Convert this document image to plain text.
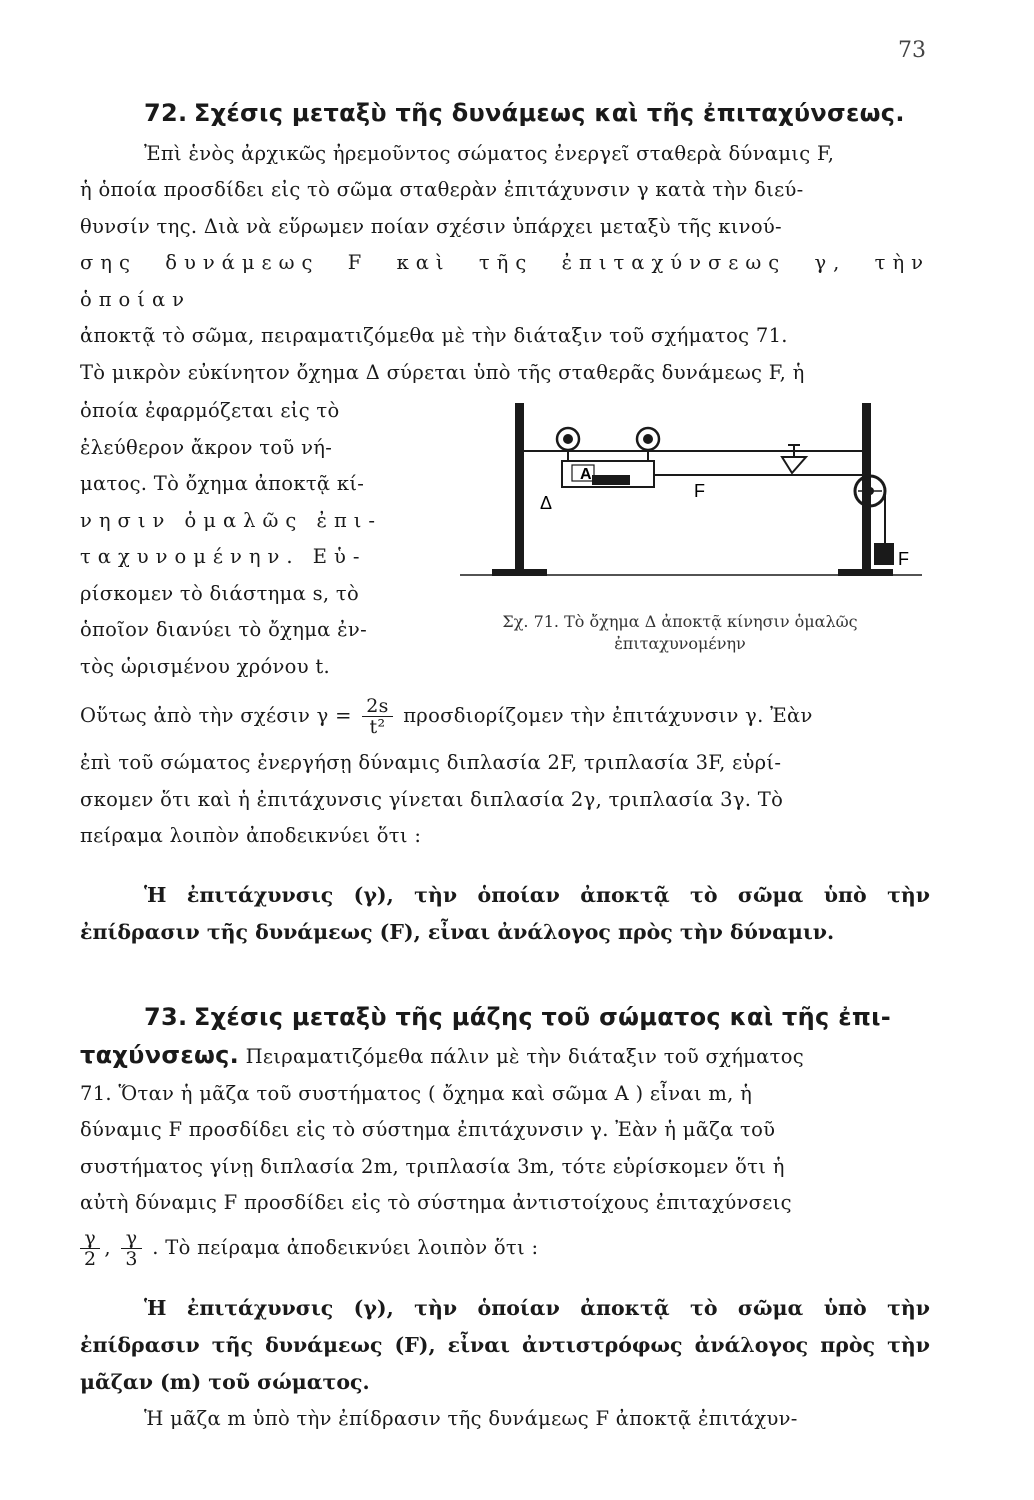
73

72. Σχέσις μεταξὺ τῆς δυνάμεως καὶ τῆς ἐπιταχύνσεως.

Ἐπὶ ἑνὸς ἀρχικῶς ἠρεμοῦντος σώματος ἐνεργεῖ σταθερὰ δύναμις F,

ἡ ὁποία προσδίδει εἰς τὸ σῶμα σταθερὰν ἐπιτάχυνσιν γ κατὰ τὴν διεύ-

θυνσίν της. Διὰ νὰ εὕρωμεν ποίαν σχέσιν ὑπάρχει μεταξὺ τῆς κινού-

σης δυνάμεως F καὶ τῆς ἐπιταχύνσεως γ, τὴν ὁποίαν

ἀποκτᾷ τὸ σῶμα, πειραματιζόμεθα μὲ τὴν διάταξιν τοῦ σχήματος 71.

Τὸ μικρὸν εὐκίνητον ὄχημα Δ σύρεται ὑπὸ τῆς σταθερᾶς δυνάμεως F, ἡ

ὁποία ἐφαρμόζεται εἰς τὸ

ἐλεύθερον ἄκρον τοῦ νή-

ματος. Τὸ ὄχημα ἀποκτᾷ κί-

νησιν ὁμαλῶς ἐπι-

ταχυνομένην. Εὑ-

ρίσκομεν τὸ διάστημα s, τὸ

ὁποῖον διανύει τὸ ὄχημα ἐν-

τὸς ὡρισμένου χρόνου t.

A
Δ
F
F
Σχ. 71. Τὸ ὄχημα Δ ἀποκτᾷ κίνησιν ὁμαλῶς
ἐπιταχυνομένην

Οὕτως ἀπὸ τὴν σχέσιν $\gamma = \frac{2s}{\text{t²}}$ προσδιορίζομεν τὴν ἐπιτάχυνσιν γ. Ἐὰν

ἐπὶ τοῦ σώματος ἐνεργήσῃ δύναμις διπλασία 2F, τριπλασία 3F, εὑρί-

σκομεν ὅτι καὶ ἡ ἐπιτάχυνσις γίνεται διπλασία 2γ, τριπλασία 3γ. Τὸ

πείραμα λοιπὸν ἀποδεικνύει ὅτι :

Ἡ ἐπιτάχυνσις (γ), τὴν ὁποίαν ἀποκτᾷ τὸ σῶμα ὑπὸ τὴν ἐπίδρασιν τῆς δυνάμεως (F), εἶναι ἀνάλογος πρὸς τὴν δύναμιν.

73. Σχέσις μεταξὺ τῆς μάζης τοῦ σώματος καὶ τῆς ἐπι-

ταχύνσεως. Πειραματιζόμεθα πάλιν μὲ τὴν διάταξιν τοῦ σχήματος

71. Ὅταν ἡ μᾶζα τοῦ συστήματος ( ὄχημα καὶ σῶμα A ) εἶναι m, ἡ

δύναμις F προσδίδει εἰς τὸ σύστημα ἐπιτάχυνσιν γ. Ἐὰν ἡ μᾶζα τοῦ

συστήματος γίνῃ διπλασία 2m, τριπλασία 3m, τότε εὑρίσκομεν ὅτι ἡ

αὐτὴ δύναμις F προσδίδει εἰς τὸ σύστημα ἀντιστοίχους ἐπιταχύνσεις

$\frac{\gamma}{2}$ , $\frac{\gamma}{3}$ . Τὸ πείραμα ἀποδεικνύει λοιπὸν ὅτι :

Ἡ ἐπιτάχυνσις (γ), τὴν ὁποίαν ἀποκτᾷ τὸ σῶμα ὑπὸ τὴν ἐπίδρασιν τῆς δυνάμεως (F), εἶναι ἀντιστρόφως ἀνάλογος πρὸς τὴν μᾶζαν (m) τοῦ σώματος.

Ἡ μᾶζα m ὑπὸ τὴν ἐπίδρασιν τῆς δυνάμεως F ἀποκτᾷ ἐπιτάχυν-
